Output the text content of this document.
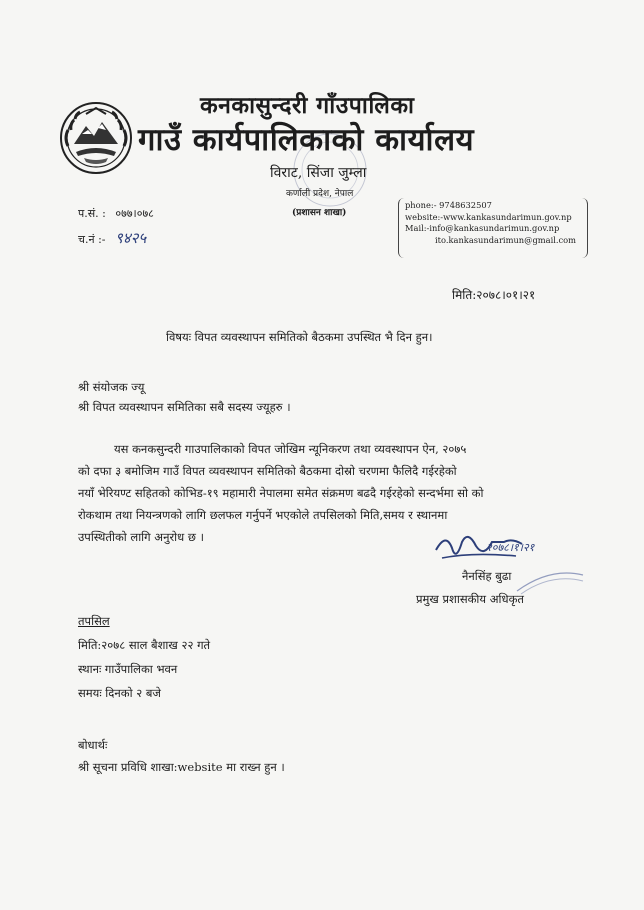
कनकासुन्दरी गाँउपालिका
गाउँ कार्यपालिकाको कार्यालय
विराट, सिंजा जुम्ला
कर्णाली प्रदेश, नेपाल
(प्रशासन शाखा)
प.सं. : ०७७।०७८
च.नं :- ९४२५
phone:- 9748632507
website:-www.kankasundarimun.gov.np
Mail:-info@kankasundarimun.gov.np
ito.kankasundarimun@gmail.com
मिति:२०७८।०१।२१
विषयः विपत व्यवस्थापन समितिको बैठकमा उपस्थित भै दिन हुन।
श्री संयोजक ज्यू
श्री विपत व्यवस्थापन समितिका सबै सदस्य ज्यूहरु ।
यस कनकसुन्दरी गाउपालिकाको विपत जोखिम न्यूनिकरण तथा व्यवस्थापन ऐन, २०७५
को दफा ३ बमोजिम गाउँ विपत व्यवस्थापन समितिको बैठकमा दोस्रो चरणमा फैलिदै गईरहेको
नयाँ भेरियण्ट सहितको कोभिड-१९ महामारी नेपालमा समेत संक्रमण बढदै गईरहेको सन्दर्भमा सो को
रोकथाम तथा नियन्त्रणको लागि छलफल गर्नुपर्ने भएकोले तपसिलको मिति,समय र स्थानमा
उपस्थितीको लागि अनुरोध छ ।
२०७८।१।२१
नैनसिंह बुढा
प्रमुख प्रशासकीय अधिकृत
तपसिल
मिति:२०७८ साल बैशाख २२ गते
स्थानः गाउँपालिका भवन
समयः दिनको २ बजे
बोधार्थः
श्री सूचना प्रविधि शाखा:website मा राख्न हुन ।
